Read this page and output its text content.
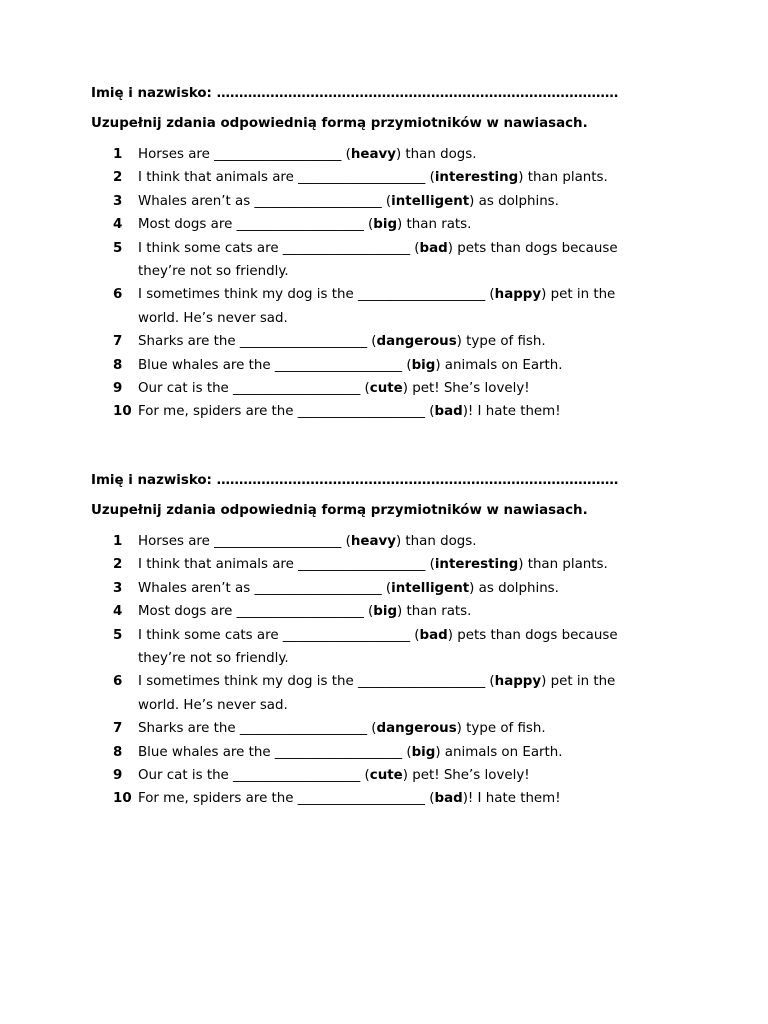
Imię i nazwisko: ………………………………………………………………………………
Uzupełnij zdania odpowiednią formą przymiotników w nawiasach.
1 Horses are ___________________ (heavy) than dogs.
2 I think that animals are ___________________ (interesting) than plants.
3 Whales aren’t as ___________________ (intelligent) as dolphins.
4 Most dogs are ___________________ (big) than rats.
5 I think some cats are ___________________ (bad) pets than dogs because they’re not so friendly.
6 I sometimes think my dog is the ___________________ (happy) pet in the world. He’s never sad.
7 Sharks are the ___________________ (dangerous) type of fish.
8 Blue whales are the ___________________ (big) animals on Earth.
9 Our cat is the ___________________ (cute) pet! She’s lovely!
10 For me, spiders are the ___________________ (bad)! I hate them!
Imię i nazwisko: ………………………………………………………………………………
Uzupełnij zdania odpowiednią formą przymiotników w nawiasach.
1 Horses are ___________________ (heavy) than dogs.
2 I think that animals are ___________________ (interesting) than plants.
3 Whales aren’t as ___________________ (intelligent) as dolphins.
4 Most dogs are ___________________ (big) than rats.
5 I think some cats are ___________________ (bad) pets than dogs because they’re not so friendly.
6 I sometimes think my dog is the ___________________ (happy) pet in the world. He’s never sad.
7 Sharks are the ___________________ (dangerous) type of fish.
8 Blue whales are the ___________________ (big) animals on Earth.
9 Our cat is the ___________________ (cute) pet! She’s lovely!
10 For me, spiders are the ___________________ (bad)! I hate them!
